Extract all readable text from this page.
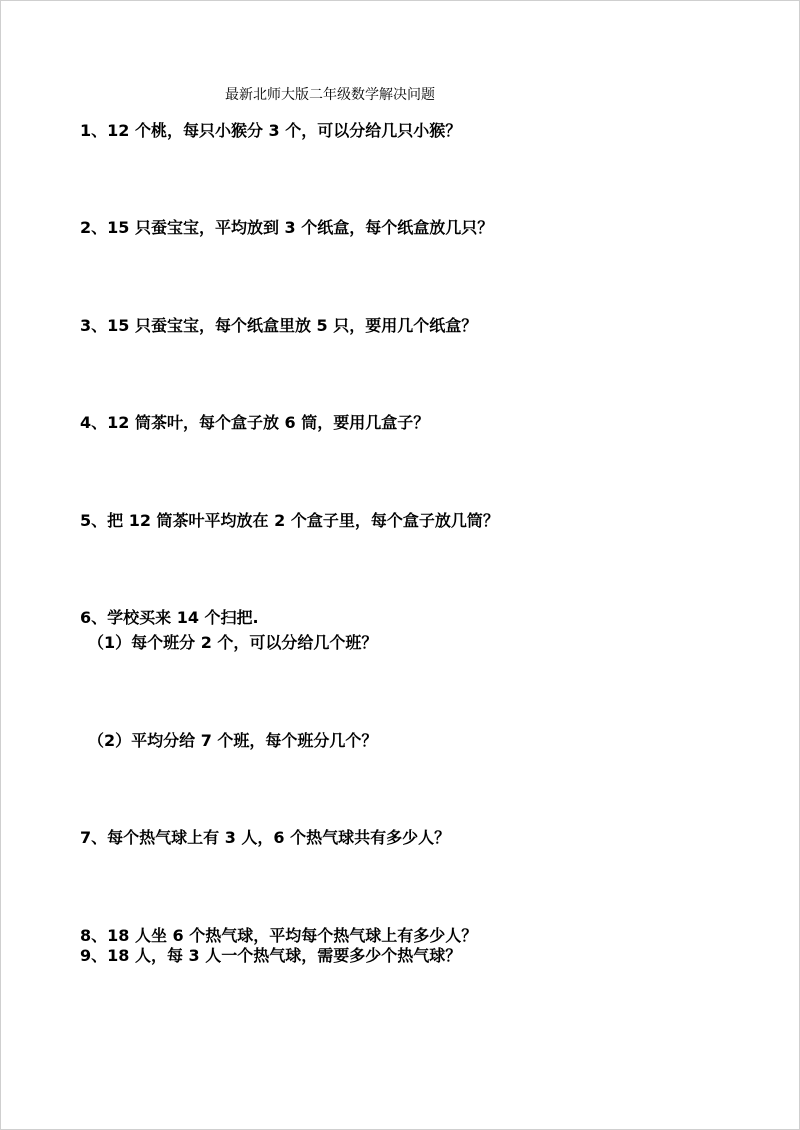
最新北师大版二年级数学解决问题
1、12 个桃，每只小猴分 3 个，可以分给几只小猴？
2、15 只蚕宝宝，平均放到 3 个纸盒，每个纸盒放几只？
3、15 只蚕宝宝，每个纸盒里放 5 只，要用几个纸盒？
4、12 筒茶叶，每个盒子放 6 筒，要用几盒子？
5、把 12 筒茶叶平均放在 2 个盒子里，每个盒子放几筒？
6、学校买来 14 个扫把.
（1）每个班分 2 个，可以分给几个班？
（2）平均分给 7 个班，每个班分几个？
7、每个热气球上有 3 人，6 个热气球共有多少人？
8、18 人坐 6 个热气球，平均每个热气球上有多少人？
9、18 人，每 3 人一个热气球，需要多少个热气球？
